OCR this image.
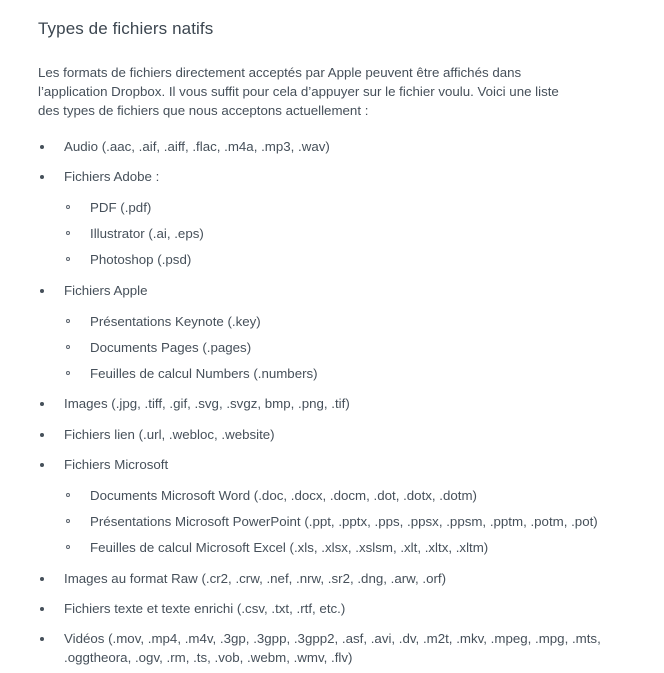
Types de fichiers natifs

Les formats de fichiers directement acceptés par Apple peuvent être affichés dans l’application Dropbox. Il vous suffit pour cela d’appuyer sur le fichier voulu. Voici une liste des types de fichiers que nous acceptons actuellement :

Audio (.aac, .aif, .aiff, .flac, .m4a, .mp3, .wav)
Fichiers Adobe :
PDF (.pdf)
Illustrator (.ai, .eps)
Photoshop (.psd)
Fichiers Apple
Présentations Keynote (.key)
Documents Pages (.pages)
Feuilles de calcul Numbers (.numbers)
Images (.jpg, .tiff, .gif, .svg, .svgz, bmp, .png, .tif)
Fichiers lien (.url, .webloc, .website)
Fichiers Microsoft
Documents Microsoft Word (.doc, .docx, .docm, .dot, .dotx, .dotm)
Présentations Microsoft PowerPoint (.ppt, .pptx, .pps, .ppsx, .ppsm, .pptm, .potm, .pot)
Feuilles de calcul Microsoft Excel (.xls, .xlsx, .xslsm, .xlt, .xltx, .xltm)
Images au format Raw (.cr2, .crw, .nef, .nrw, .sr2, .dng, .arw, .orf)
Fichiers texte et texte enrichi (.csv, .txt, .rtf, etc.)
Vidéos (.mov, .mp4, .m4v, .3gp, .3gpp, .3gpp2, .asf, .avi, .dv, .m2t, .mkv, .mpeg, .mpg, .mts, .oggtheora, .ogv, .rm, .ts, .vob, .webm, .wmv, .flv)
